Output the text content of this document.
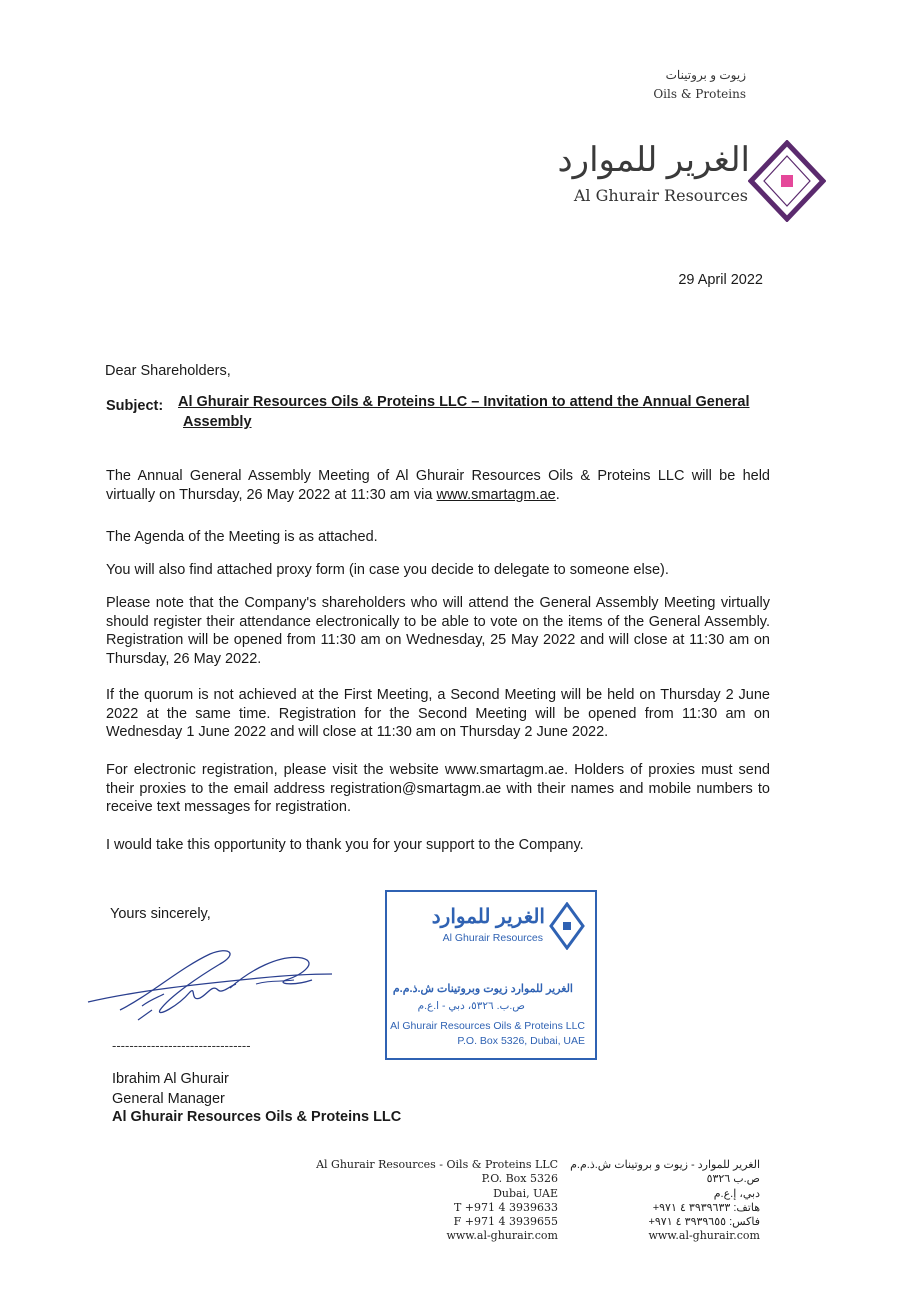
زيوت و بروتينات
Oils & Proteins
الغرير للموارد
Al Ghurair Resources
29 April 2022
Dear Shareholders,
Subject: Al Ghurair Resources Oils & Proteins LLC – Invitation to attend the Annual General
Assembly
The Annual General Assembly Meeting of Al Ghurair Resources Oils & Proteins LLC will be held virtually on Thursday, 26 May 2022 at 11:30 am via www.smartagm.ae.
The Agenda of the Meeting is as attached.
You will also find attached proxy form (in case you decide to delegate to someone else).
Please note that the Company's shareholders who will attend the General Assembly Meeting virtually should register their attendance electronically to be able to vote on the items of the General Assembly. Registration will be opened from 11:30 am on Wednesday, 25 May 2022 and will close at 11:30 am on Thursday, 26 May 2022.
If the quorum is not achieved at the First Meeting, a Second Meeting will be held on Thursday 2 June 2022 at the same time. Registration for the Second Meeting will be opened from 11:30 am on Wednesday 1 June 2022 and will close at 11:30 am on Thursday 2 June 2022.
For electronic registration, please visit the website www.smartagm.ae. Holders of proxies must send their proxies to the email address registration@smartagm.ae with their names and mobile numbers to receive text messages for registration.
I would take this opportunity to thank you for your support to the Company.
Yours sincerely,
--------------------------------
Ibrahim Al Ghurair
General Manager
Al Ghurair Resources Oils & Proteins LLC
الغرير للموارد
Al Ghurair Resources
الغرير للموارد زيوت وبروتينات ش.ذ.م.م
ص.ب. ٥٣٢٦، دبي - ا.ع.م
Al Ghurair Resources Oils & Proteins LLC
P.O. Box 5326, Dubai, UAE
Al Ghurair Resources - Oils & Proteins LLC
P.O. Box 5326
Dubai, UAE
T +971 4 3939633
F +971 4 3939655
www.al-ghurair.com
الغرير للموارد - زيوت و بروتينات ش.ذ.م.م
ص.ب ٥٣٢٦
دبي، إ.ع.م
هاتف: ٣٩٣٩٦٣٣ ٤ ٩٧١+
فاكس: ٣٩٣٩٦٥٥ ٤ ٩٧١+
www.al-ghurair.com
